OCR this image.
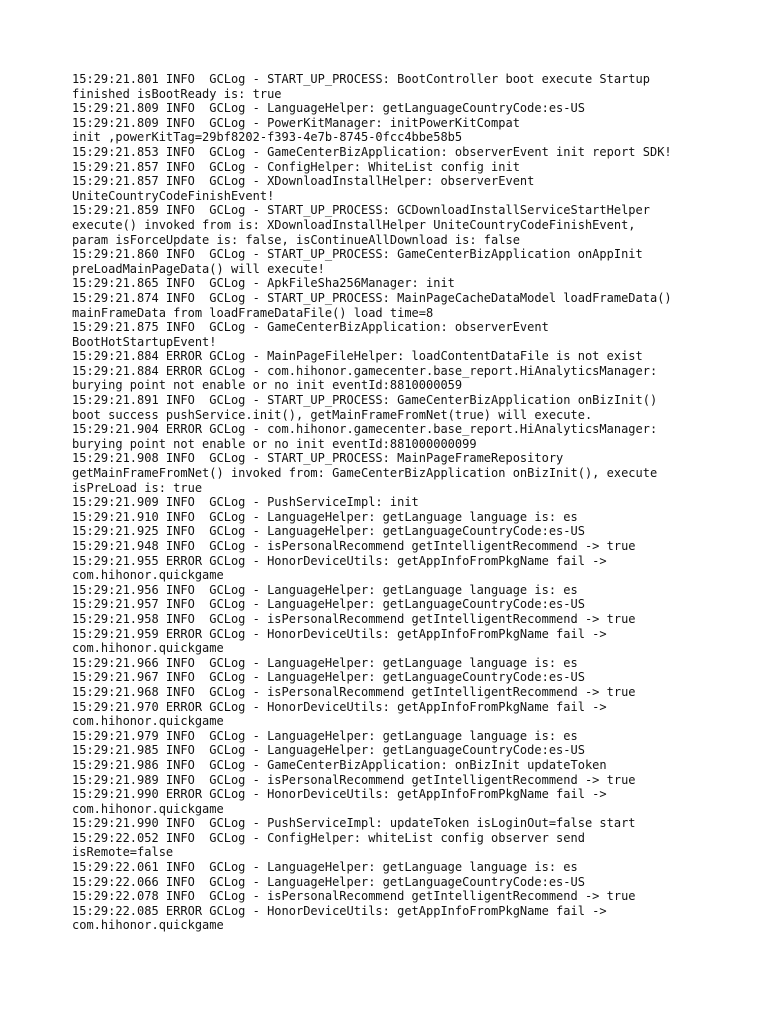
15:29:21.801 INFO  GCLog - START_UP_PROCESS: BootController boot execute Startup
finished isBootReady is: true
15:29:21.809 INFO  GCLog - LanguageHelper: getLanguageCountryCode:es-US
15:29:21.809 INFO  GCLog - PowerKitManager: initPowerKitCompat
init ,powerKitTag=29bf8202-f393-4e7b-8745-0fcc4bbe58b5
15:29:21.853 INFO  GCLog - GameCenterBizApplication: observerEvent init report SDK!
15:29:21.857 INFO  GCLog - ConfigHelper: WhiteList config init
15:29:21.857 INFO  GCLog - XDownloadInstallHelper: observerEvent
UniteCountryCodeFinishEvent!
15:29:21.859 INFO  GCLog - START_UP_PROCESS: GCDownloadInstallServiceStartHelper
execute() invoked from is: XDownloadInstallHelper UniteCountryCodeFinishEvent,
param isForceUpdate is: false, isContinueAllDownload is: false
15:29:21.860 INFO  GCLog - START_UP_PROCESS: GameCenterBizApplication onAppInit
preLoadMainPageData() will execute!
15:29:21.865 INFO  GCLog - ApkFileSha256Manager: init
15:29:21.874 INFO  GCLog - START_UP_PROCESS: MainPageCacheDataModel loadFrameData()
mainFrameData from loadFrameDataFile() load time=8
15:29:21.875 INFO  GCLog - GameCenterBizApplication: observerEvent
BootHotStartupEvent!
15:29:21.884 ERROR GCLog - MainPageFileHelper: loadContentDataFile is not exist
15:29:21.884 ERROR GCLog - com.hihonor.gamecenter.base_report.HiAnalyticsManager:
burying point not enable or no init eventId:8810000059
15:29:21.891 INFO  GCLog - START_UP_PROCESS: GameCenterBizApplication onBizInit()
boot success pushService.init(), getMainFrameFromNet(true) will execute.
15:29:21.904 ERROR GCLog - com.hihonor.gamecenter.base_report.HiAnalyticsManager:
burying point not enable or no init eventId:881000000099
15:29:21.908 INFO  GCLog - START_UP_PROCESS: MainPageFrameRepository
getMainFrameFromNet() invoked from: GameCenterBizApplication onBizInit(), execute
isPreLoad is: true
15:29:21.909 INFO  GCLog - PushServiceImpl: init
15:29:21.910 INFO  GCLog - LanguageHelper: getLanguage language is: es
15:29:21.925 INFO  GCLog - LanguageHelper: getLanguageCountryCode:es-US
15:29:21.948 INFO  GCLog - isPersonalRecommend getIntelligentRecommend -> true
15:29:21.955 ERROR GCLog - HonorDeviceUtils: getAppInfoFromPkgName fail ->
com.hihonor.quickgame
15:29:21.956 INFO  GCLog - LanguageHelper: getLanguage language is: es
15:29:21.957 INFO  GCLog - LanguageHelper: getLanguageCountryCode:es-US
15:29:21.958 INFO  GCLog - isPersonalRecommend getIntelligentRecommend -> true
15:29:21.959 ERROR GCLog - HonorDeviceUtils: getAppInfoFromPkgName fail ->
com.hihonor.quickgame
15:29:21.966 INFO  GCLog - LanguageHelper: getLanguage language is: es
15:29:21.967 INFO  GCLog - LanguageHelper: getLanguageCountryCode:es-US
15:29:21.968 INFO  GCLog - isPersonalRecommend getIntelligentRecommend -> true
15:29:21.970 ERROR GCLog - HonorDeviceUtils: getAppInfoFromPkgName fail ->
com.hihonor.quickgame
15:29:21.979 INFO  GCLog - LanguageHelper: getLanguage language is: es
15:29:21.985 INFO  GCLog - LanguageHelper: getLanguageCountryCode:es-US
15:29:21.986 INFO  GCLog - GameCenterBizApplication: onBizInit updateToken
15:29:21.989 INFO  GCLog - isPersonalRecommend getIntelligentRecommend -> true
15:29:21.990 ERROR GCLog - HonorDeviceUtils: getAppInfoFromPkgName fail ->
com.hihonor.quickgame
15:29:21.990 INFO  GCLog - PushServiceImpl: updateToken isLoginOut=false start
15:29:22.052 INFO  GCLog - ConfigHelper: whiteList config observer send
isRemote=false
15:29:22.061 INFO  GCLog - LanguageHelper: getLanguage language is: es
15:29:22.066 INFO  GCLog - LanguageHelper: getLanguageCountryCode:es-US
15:29:22.078 INFO  GCLog - isPersonalRecommend getIntelligentRecommend -> true
15:29:22.085 ERROR GCLog - HonorDeviceUtils: getAppInfoFromPkgName fail ->
com.hihonor.quickgame
